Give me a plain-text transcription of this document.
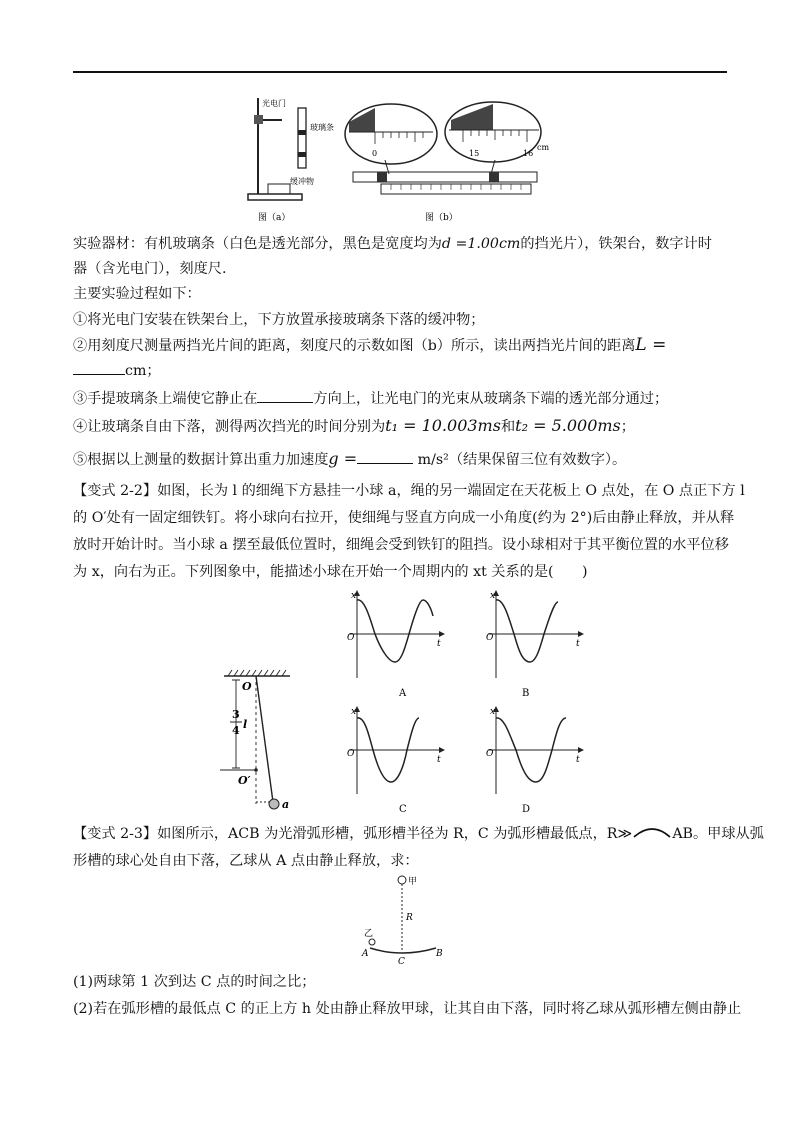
光电门
玻璃条
缓冲物
图（a）
0	15	16
cm
图（b）
实验器材：有机玻璃条（白色是透光部分，黑色是宽度均为d =1.00cm的挡光片），铁架台，数字计时
器（含光电门），刻度尺.
主要实验过程如下：
①将光电门安装在铁架台上，下方放置承接玻璃条下落的缓冲物；
②用刻度尺测量两挡光片间的距离，刻度尺的示数如图（b）所示，读出两挡光片间的距离L =
cm；
③手提玻璃条上端使它静止在	方向上，让光电门的光束从玻璃条下端的透光部分通过；
④让玻璃条自由下落，测得两次挡光的时间分别为t₁ = 10.003ms和t₂ = 5.000ms；
⑤根据以上测量的数据计算出重力加速度g =	m/s²（结果保留三位有效数字）。
【变式 2-2】如图，长为 l 的细绳下方悬挂一小球 a，绳的另一端固定在天花板上 O 点处，在 O 点正下方 l
的 O′处有一固定细铁钉。将小球向右拉开，使细绳与竖直方向成一小角度(约为 2°)后由静止释放，并从释
放时开始计时。当小球 a 摆至最低位置时，细绳会受到铁钉的阻挡。设小球相对于其平衡位置的水平位移
为 x，向右为正。下列图象中，能描述小球在开始一个周期内的 xt 关系的是(　　)
O
O′
a
3
4 l
x
O
t
A
x
O
t
B
x
O
t
C
x
O
t
D
【变式 2-3】如图所示，ACB 为光滑弧形槽，弧形槽半径为 R，C 为弧形槽最低点，R≫	AB。甲球从弧
形槽的球心处自由下落，乙球从 A 点由静止释放，求：
甲
R
乙
A
C
B
(1)两球第 1 次到达 C 点的时间之比；
(2)若在弧形槽的最低点 C 的正上方 h 处由静止释放甲球，让其自由下落，同时将乙球从弧形槽左侧由静止
